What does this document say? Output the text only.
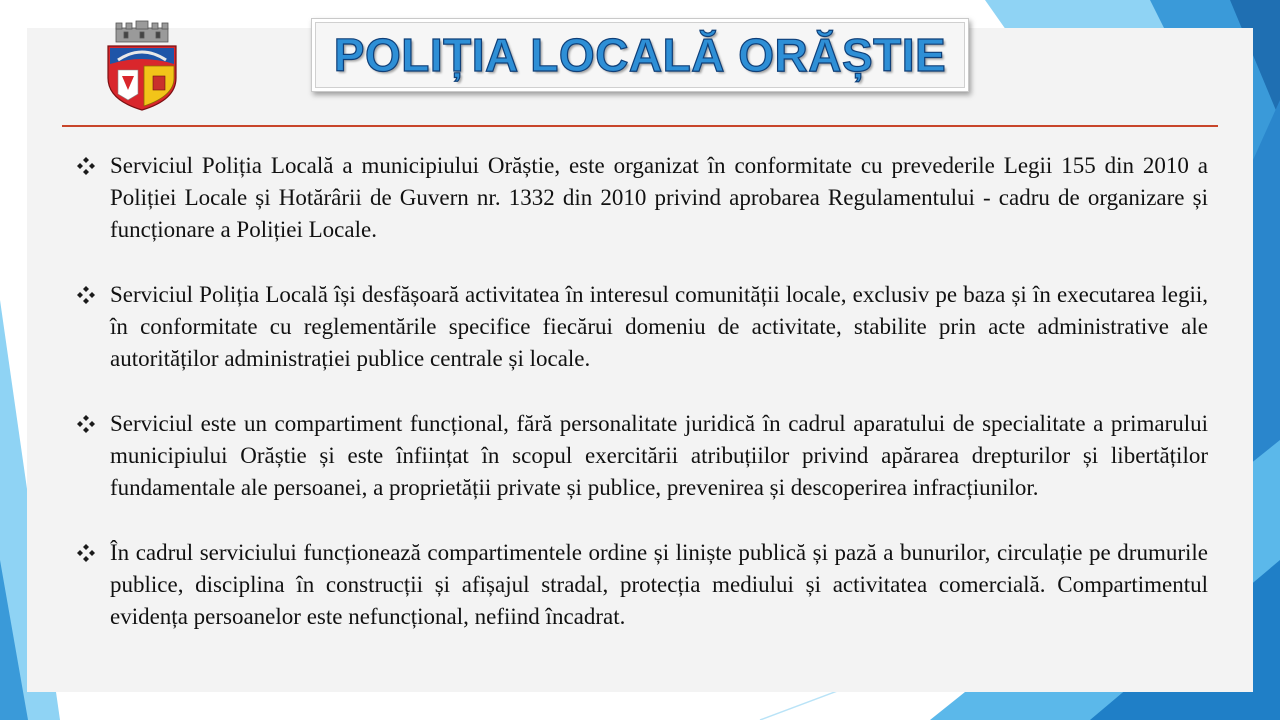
POLIȚIA LOCALĂ ORĂȘTIE

Serviciul Poliția Locală a municipiului Orăștie, este organizat în conformitate cu prevederile Legii 155 din 2010 a Poliției Locale și Hotărârii de Guvern nr. 1332 din 2010 privind aprobarea Regulamentului - cadru de organizare și funcționare a Poliției Locale.

Serviciul Poliția Locală își desfășoară activitatea în interesul comunității locale, exclusiv pe baza și în executarea legii, în conformitate cu reglementările specifice fiecărui domeniu de activitate, stabilite prin acte administrative ale autorităților administrației publice centrale și locale.

Serviciul este un compartiment funcțional, fără personalitate juridică în cadrul aparatului de specialitate a primarului municipiului Orăștie și este înființat în scopul exercitării atribuțiilor privind apărarea drepturilor și libertăților fundamentale ale persoanei, a proprietății private și publice, prevenirea și descoperirea infracțiunilor.

În cadrul serviciului funcționează compartimentele ordine și liniște publică și pază a bunurilor, circulație pe drumurile publice, disciplina în construcții și afișajul stradal, protecția mediului și activitatea comercială. Compartimentul evidența persoanelor este nefuncțional, nefiind încadrat.
